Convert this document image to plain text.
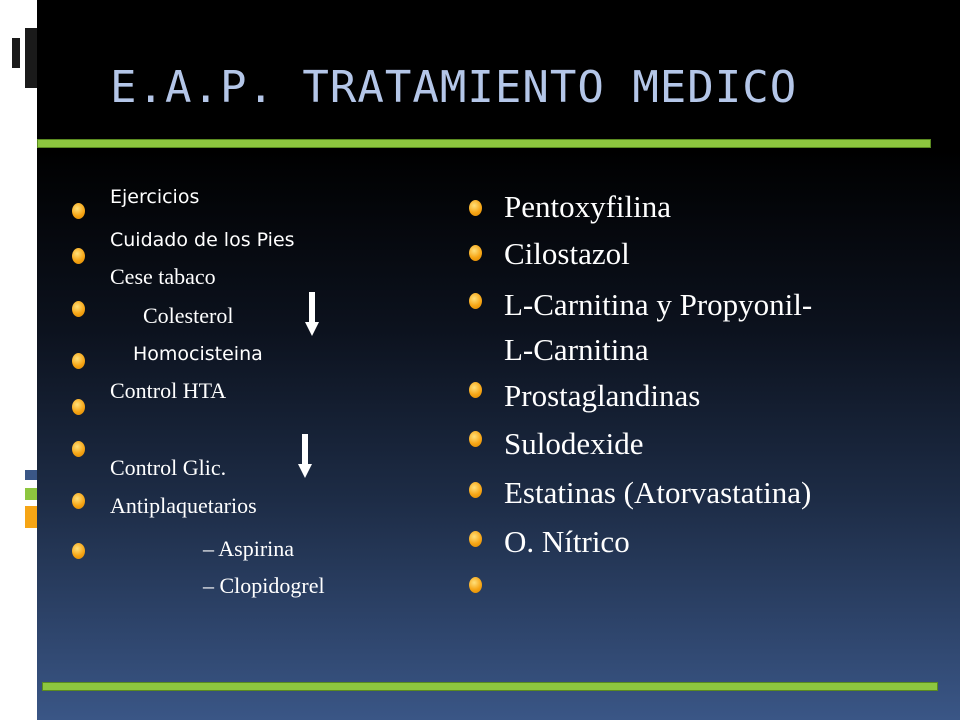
E.A.P. TRATAMIENTO MEDICO
Ejercicios
Cuidado de los Pies
Cese tabaco
Colesterol
Homocisteina
Control HTA
Control Glic.
Antiplaquetarios
– Aspirina
– Clopidogrel
Pentoxyfilina
Cilostazol
L-Carnitina y Propyonil-
L-Carnitina
Prostaglandinas
Sulodexide
Estatinas (Atorvastatina)
O. Nítrico
